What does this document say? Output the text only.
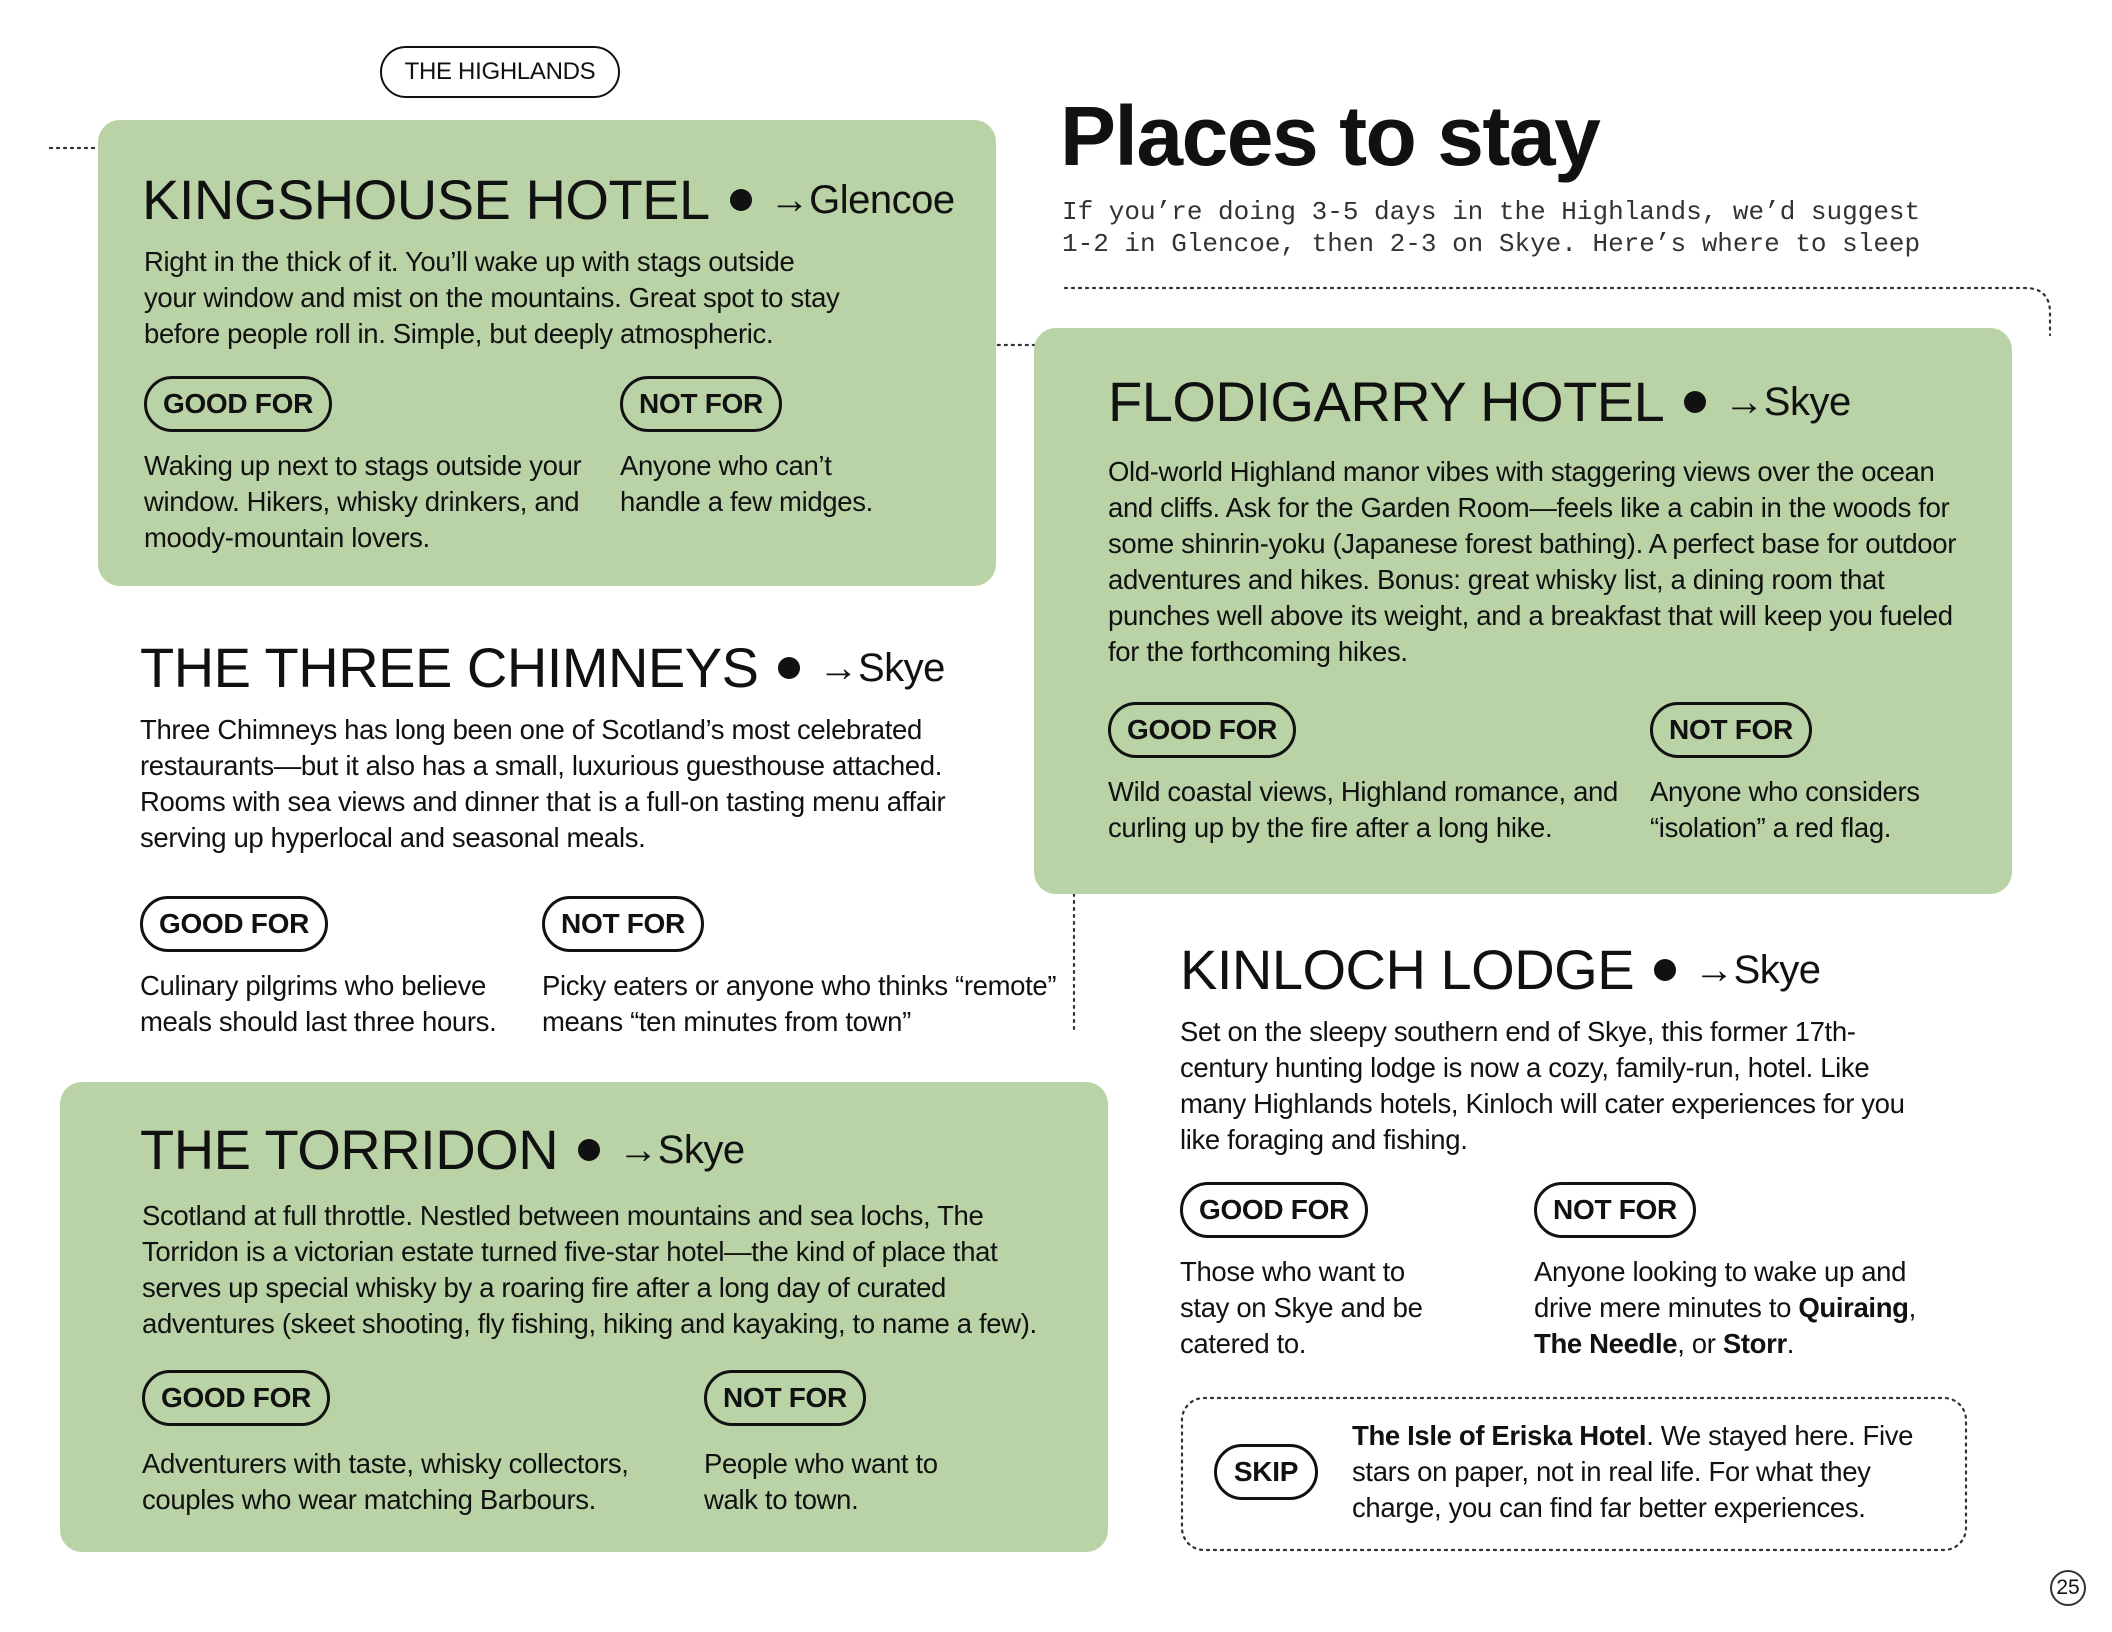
THE HIGHLANDS
Places to stay
If you’re doing 3-5 days in the Highlands, we’d suggest
1-2 in Glencoe, then 2-3 on Skye. Here’s where to sleep
KINGSHOUSE HOTEL →Glencoe
Right in the thick of it. You’ll wake up with stags outside your window and mist on the mountains. Great spot to stay before people roll in. Simple, but deeply atmospheric.
GOOD FOR	NOT FOR
Waking up next to stags outside your window. Hikers, whisky drinkers, and moody-mountain lovers.
Anyone who can’t handle a few midges.
FLODIGARRY HOTEL →Skye
Old-world Highland manor vibes with staggering views over the ocean and cliffs. Ask for the Garden Room—feels like a cabin in the woods for some shinrin-yoku (Japanese forest bathing). A perfect base for outdoor adventures and hikes. Bonus: great whisky list, a dining room that punches well above its weight, and a breakfast that will keep you fueled for the forthcoming hikes.
GOOD FOR	NOT FOR
Wild coastal views, Highland romance, and curling up by the fire after a long hike.
Anyone who considers “isolation” a red flag.
THE THREE CHIMNEYS →Skye
Three Chimneys has long been one of Scotland’s most celebrated restaurants—but it also has a small, luxurious guesthouse attached. Rooms with sea views and dinner that is a full-on tasting menu affair serving up hyperlocal and seasonal meals.
GOOD FOR	NOT FOR
Culinary pilgrims who believe meals should last three hours.
Picky eaters or anyone who thinks “remote” means “ten minutes from town”
KINLOCH LODGE →Skye
Set on the sleepy southern end of Skye, this former 17th-century hunting lodge is now a cozy, family-run, hotel. Like many Highlands hotels, Kinloch will cater experiences for you like foraging and fishing.
GOOD FOR	NOT FOR
Those who want to stay on Skye and be catered to.
Anyone looking to wake up and drive mere minutes to Quiraing, The Needle, or Storr.
THE TORRIDON →Skye
Scotland at full throttle. Nestled between mountains and sea lochs, The Torridon is a victorian estate turned five-star hotel—the kind of place that serves up special whisky by a roaring fire after a long day of curated adventures (skeet shooting, fly fishing, hiking and kayaking, to name a few).
GOOD FOR	NOT FOR
Adventurers with taste, whisky collectors, couples who wear matching Barbours.
People who want to walk to town.
SKIP
The Isle of Eriska Hotel. We stayed here. Five stars on paper, not in real life. For what they charge, you can find far better experiences.
25
